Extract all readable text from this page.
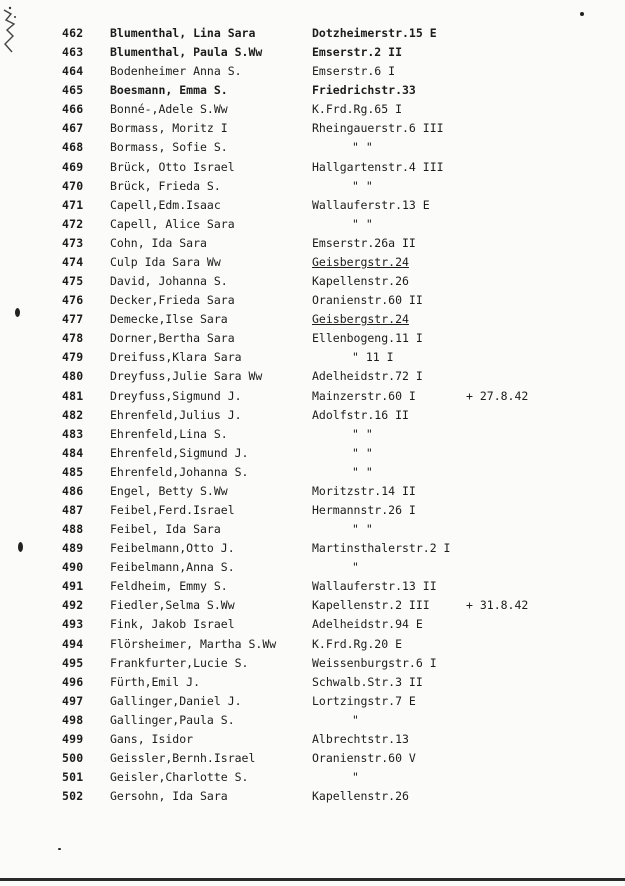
462	Blumenthal, Lina Sara	Dotzheimerstr.15 E
463	Blumenthal, Paula S.Ww	Emserstr.2 II
464	Bodenheimer Anna S.	Emserstr.6 I
465	Boesmann, Emma S.	Friedrichstr.33
466	Bonné-,Adele S.Ww	K.Frd.Rg.65 I
467	Bormass, Moritz I	Rheingauerstr.6 III
468	Bormass, Sofie S.	" "
469	Brück, Otto Israel	Hallgartenstr.4 III
470	Brück, Frieda S.	" "
471	Capell,Edm.Isaac	Wallauferstr.13 E
472	Capell, Alice Sara	" "
473	Cohn, Ida Sara	Emserstr.26a II
474	Culp Ida Sara Ww	Geisbergstr.24
475	David, Johanna S.	Kapellenstr.26
476	Decker,Frieda Sara	Oranienstr.60 II
477	Demecke,Ilse Sara	Geisbergstr.24
478	Dorner,Bertha Sara	Ellenbogeng.11 I
479	Dreifuss,Klara Sara	" 11 I
480	Dreyfuss,Julie Sara Ww	Adelheidstr.72 I
481	Dreyfuss,Sigmund J.	Mainzerstr.60 I	+ 27.8.42
482	Ehrenfeld,Julius J.	Adolfstr.16 II
483	Ehrenfeld,Lina S.	" "
484	Ehrenfeld,Sigmund J.	" "
485	Ehrenfeld,Johanna S.	" "
486	Engel, Betty S.Ww	Moritzstr.14 II
487	Feibel,Ferd.Israel	Hermannstr.26 I
488	Feibel, Ida Sara	" "
489	Feibelmann,Otto J.	Martinsthalerstr.2 I
490	Feibelmann,Anna S.	"
491	Feldheim, Emmy S.	Wallauferstr.13 II
492	Fiedler,Selma S.Ww	Kapellenstr.2 III	+ 31.8.42
493	Fink, Jakob Israel	Adelheidstr.94 E
494	Flörsheimer, Martha S.Ww	K.Frd.Rg.20 E
495	Frankfurter,Lucie S.	Weissenburgstr.6 I
496	Fürth,Emil J.	Schwalb.Str.3 II
497	Gallinger,Daniel J.	Lortzingstr.7 E
498	Gallinger,Paula S.	"
499	Gans, Isidor	Albrechtstr.13
500	Geissler,Bernh.Israel	Oranienstr.60 V
501	Geisler,Charlotte S.	"
502	Gersohn, Ida Sara	Kapellenstr.26
